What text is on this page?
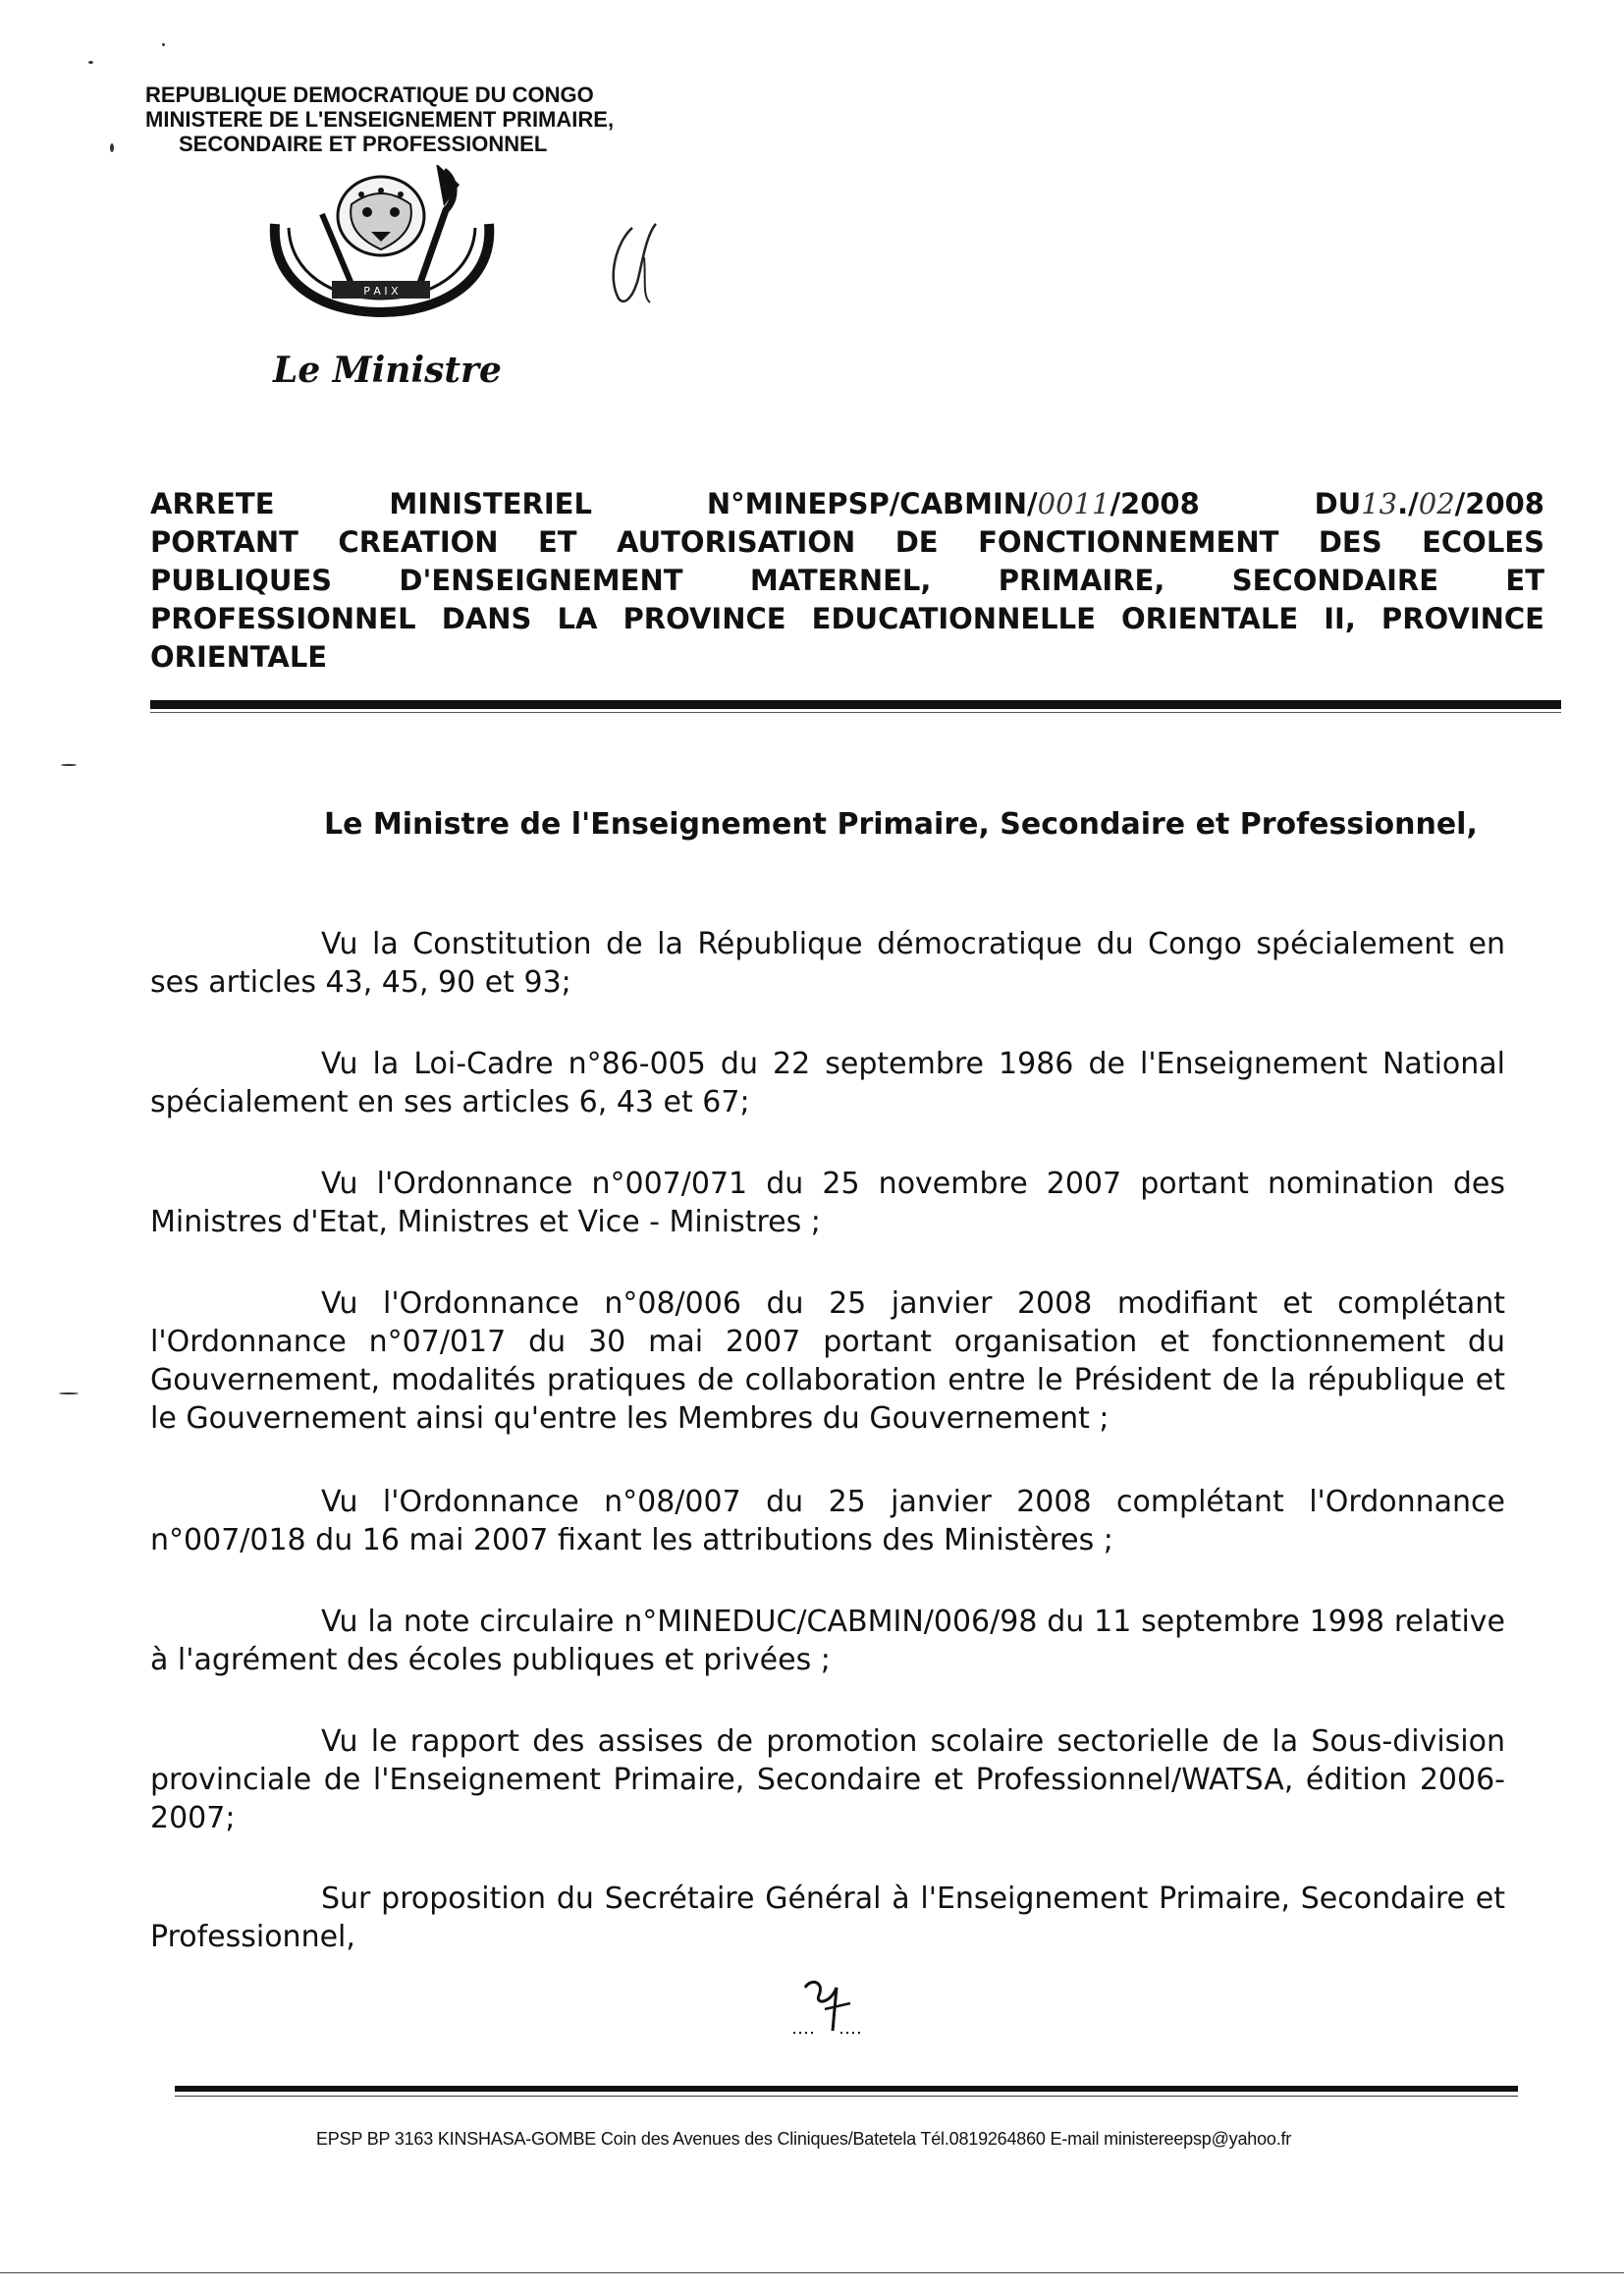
REPUBLIQUE DEMOCRATIQUE DU CONGO
MINISTERE DE L'ENSEIGNEMENT PRIMAIRE,
SECONDAIRE ET PROFESSIONNEL
P A I X
Le Ministre
ARRETE	MINISTERIEL	N°MINEPSP/CABMIN/0011/2008	DU13./02/2008
PORTANT CREATION ET AUTORISATION DE FONCTIONNEMENT DES ECOLES
PUBLIQUES D'ENSEIGNEMENT MATERNEL, PRIMAIRE, SECONDAIRE ET
PROFESSIONNEL DANS LA PROVINCE EDUCATIONNELLE ORIENTALE II, PROVINCE
ORIENTALE
Le Ministre de l'Enseignement Primaire, Secondaire et Professionnel,
Vu la Constitution de la République démocratique du Congo spécialement en ses articles 43, 45, 90 et 93;
Vu la Loi-Cadre n°86-005 du 22 septembre 1986 de l'Enseignement National spécialement en ses articles 6, 43 et 67;
Vu l'Ordonnance n°007/071 du 25 novembre 2007 portant nomination des Ministres d'Etat, Ministres et Vice - Ministres ;
Vu l'Ordonnance n°08/006 du 25 janvier 2008 modifiant et complétant l'Ordonnance n°07/017 du 30 mai 2007 portant organisation et fonctionnement du Gouvernement, modalités pratiques de collaboration entre le Président de la république et le Gouvernement ainsi qu'entre les Membres du Gouvernement ;
Vu l'Ordonnance n°08/007 du 25 janvier 2008 complétant l'Ordonnance n°007/018 du 16 mai 2007 fixant les attributions des Ministères ;
Vu la note circulaire n°MINEDUC/CABMIN/006/98 du 11 septembre 1998 relative à l'agrément des écoles publiques et privées ;
Vu le rapport des assises de promotion scolaire sectorielle de la Sous-division provinciale de l'Enseignement Primaire, Secondaire et Professionnel/WATSA, édition 2006-2007;
Sur proposition du Secrétaire Général à l'Enseignement Primaire, Secondaire et Professionnel,
EPSP BP 3163 KINSHASA-GOMBE Coin des Avenues des Cliniques/Batetela Tél.0819264860 E-mail ministereepsp@yahoo.fr
